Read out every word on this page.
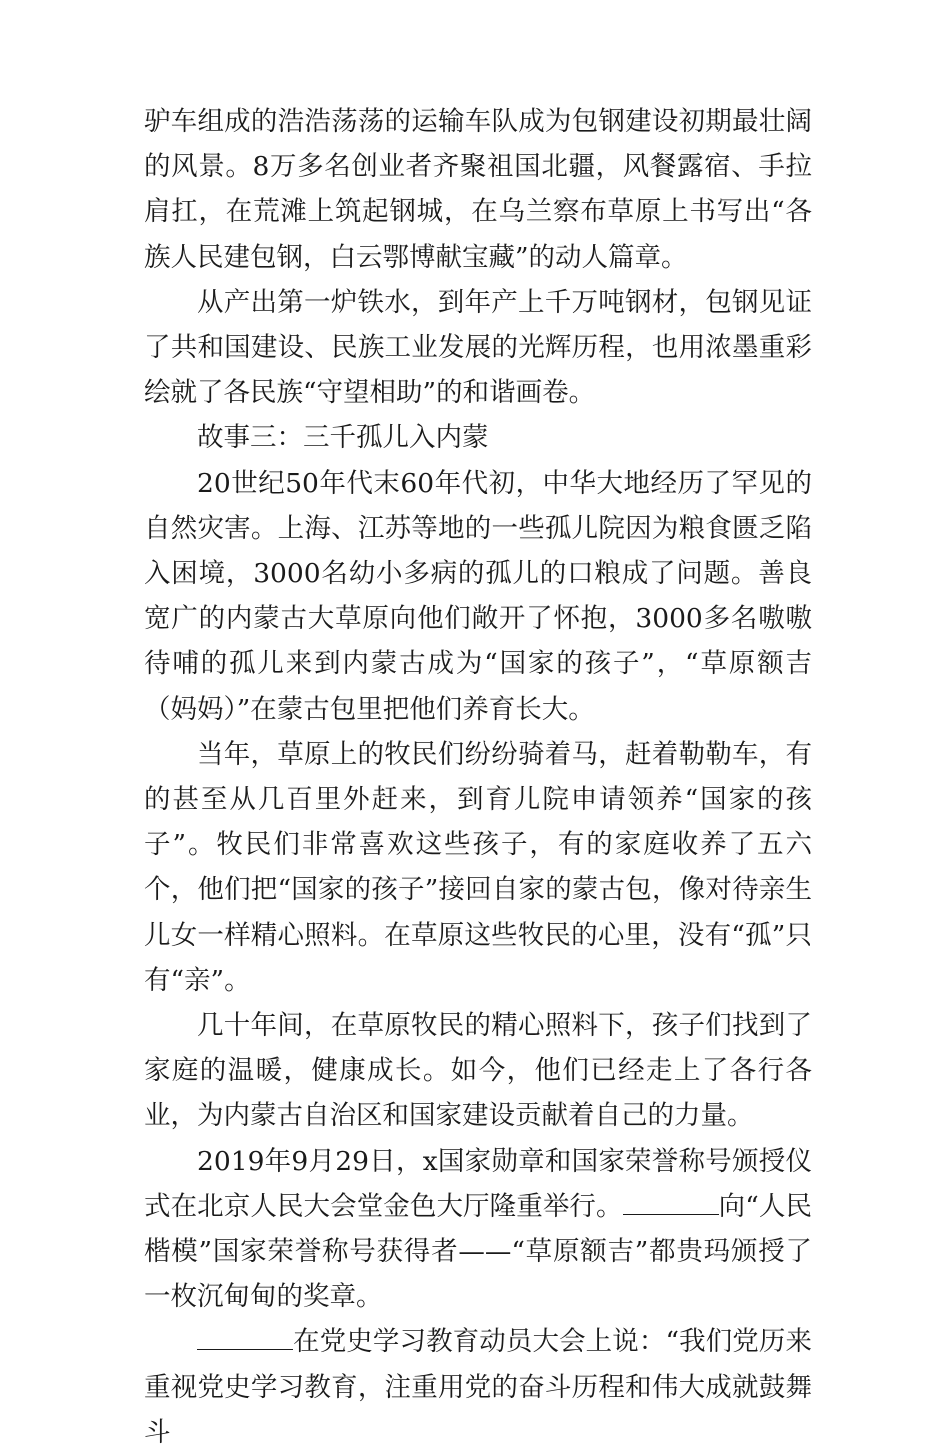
驴车组成的浩浩荡荡的运输车队成为包钢建设初期最壮阔的风景。8万多名创业者齐聚祖国北疆，风餐露宿、手拉肩扛，在荒滩上筑起钢城，在乌兰察布草原上书写出“各族人民建包钢，白云鄂博献宝藏”的动人篇章。

从产出第一炉铁水，到年产上千万吨钢材，包钢见证了共和国建设、民族工业发展的光辉历程，也用浓墨重彩绘就了各民族“守望相助”的和谐画卷。

故事三：三千孤儿入内蒙

20世纪50年代末60年代初，中华大地经历了罕见的自然灾害。上海、江苏等地的一些孤儿院因为粮食匮乏陷入困境，3000名幼小多病的孤儿的口粮成了问题。善良宽广的内蒙古大草原向他们敞开了怀抱，3000多名嗷嗷待哺的孤儿来到内蒙古成为“国家的孩子”，“草原额吉（妈妈）”在蒙古包里把他们养育长大。

当年，草原上的牧民们纷纷骑着马，赶着勒勒车，有的甚至从几百里外赶来，到育儿院申请领养“国家的孩子”。牧民们非常喜欢这些孩子，有的家庭收养了五六个，他们把“国家的孩子”接回自家的蒙古包，像对待亲生儿女一样精心照料。在草原这些牧民的心里，没有“孤”只有“亲”。

几十年间，在草原牧民的精心照料下，孩子们找到了家庭的温暖，健康成长。如今，他们已经走上了各行各业，为内蒙古自治区和国家建设贡献着自己的力量。

2019年9月29日，x国家勋章和国家荣誉称号颁授仪式在北京人民大会堂金色大厅隆重举行。	向“人民楷模”国家荣誉称号获得者——“草原额吉”都贵玛颁授了一枚沉甸甸的奖章。

在党史学习教育动员大会上说：“我们党历来重视党史学习教育，注重用党的奋斗历程和伟大成就鼓舞斗
